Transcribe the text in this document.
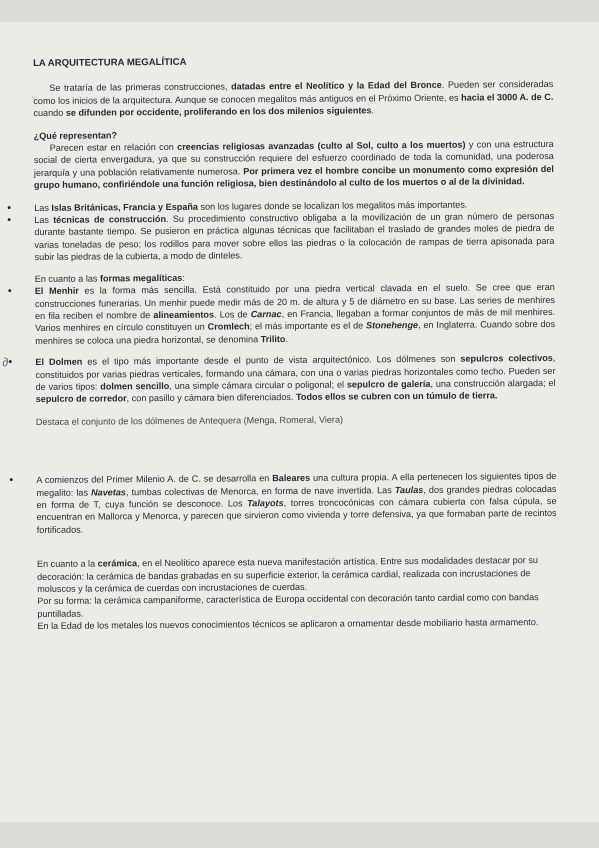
LA ARQUITECTURA MEGALÍTICA

Se trataría de las primeras construcciones, datadas entre el Neolítico y la Edad del Bronce. Pueden ser consideradas como los inicios de la arquitectura. Aunque se conocen megalitos más antiguos en el Próximo Oriente, es hacia el 3000 A. de C. cuando se difunden por occidente, proliferando en los dos milenios siguientes.

¿Qué representan?

Parecen estar en relación con creencias religiosas avanzadas (culto al Sol, culto a los muertos) y con una estructura social de cierta envergadura, ya que su construcción requiere del esfuerzo coordinado de toda la comunidad, una poderosa jerarquía y una población relativamente numerosa. Por primera vez el hombre concibe un monumento como expresión del grupo humano, confiriéndole una función religiosa, bien destinándolo al culto de los muertos o al de la divinidad.

• Las Islas Británicas, Francia y España son los lugares donde se localizan los megalitos más importantes.

• Las técnicas de construcción. Su procedimiento constructivo obligaba a la movilización de un gran número de personas durante bastante tiempo. Se pusieron en práctica algunas técnicas que facilitaban el traslado de grandes moles de piedra de varias toneladas de peso; los rodillos para mover sobre ellos las piedras o la colocación de rampas de tierra apisonada para subir las piedras de la cubierta, a modo de dinteles.

En cuanto a las formas megalíticas:

• El Menhir es la forma más sencilla. Está constituido por una piedra vertical clavada en el suelo. Se cree que eran construcciones funerarias. Un menhir puede medir más de 20 m. de altura y 5 de diámetro en su base. Las series de menhires en fila reciben el nombre de alineamientos. Los de Carnac, en Francia, llegaban a formar conjuntos de más de mil menhires. Varios menhires en círculo constituyen un Cromlech; el más importante es el de Stonehenge, en Inglaterra. Cuando sobre dos menhires se coloca una piedra horizontal, se denomina Trilito.

• ∂	El Dolmen es el tipo más importante desde el punto de vista arquitectónico. Los dólmenes son sepulcros colectivos, constituidos por varias piedras verticales, formando una cámara, con una o varias piedras horizontales como techo. Pueden ser de varios tipos: dolmen sencillo, una simple cámara circular o poligonal; el sepulcro de galería, una construcción alargada; el sepulcro de corredor, con pasillo y cámara bien diferenciados. Todos ellos se cubren con un túmulo de tierra.

Destaca el conjunto de los dólmenes de Antequera (Menga, Romeral, Viera)

• A comienzos del Primer Milenio A. de C. se desarrolla en Baleares una cultura propia. A ella pertenecen los siguientes tipos de megalito: las Navetas, tumbas colectivas de Menorca, en forma de nave invertida. Las Taulas, dos grandes piedras colocadas en forma de T, cuya función se desconoce. Los Talayots, torres troncocónicas con cámara cubierta con falsa cúpula, se encuentran en Mallorca y Menorca, y parecen que sirvieron como vivienda y torre defensiva, ya que formaban parte de recintos fortificados.

En cuanto a la cerámica, en el Neolítico aparece esta nueva manifestación artística. Entre sus modalidades destacar por su decoración: la cerámica de bandas grabadas en su superficie exterior, la cerámica cardial, realizada con incrustaciones de moluscos y la cerámica de cuerdas con incrustaciones de cuerdas.

Por su forma: la cerámica campaniforme, característica de Europa occidental con decoración tanto cardial como con bandas puntilladas.

En la Edad de los metales los nuevos conocimientos técnicos se aplicaron a ornamentar desde mobiliario hasta armamento.
